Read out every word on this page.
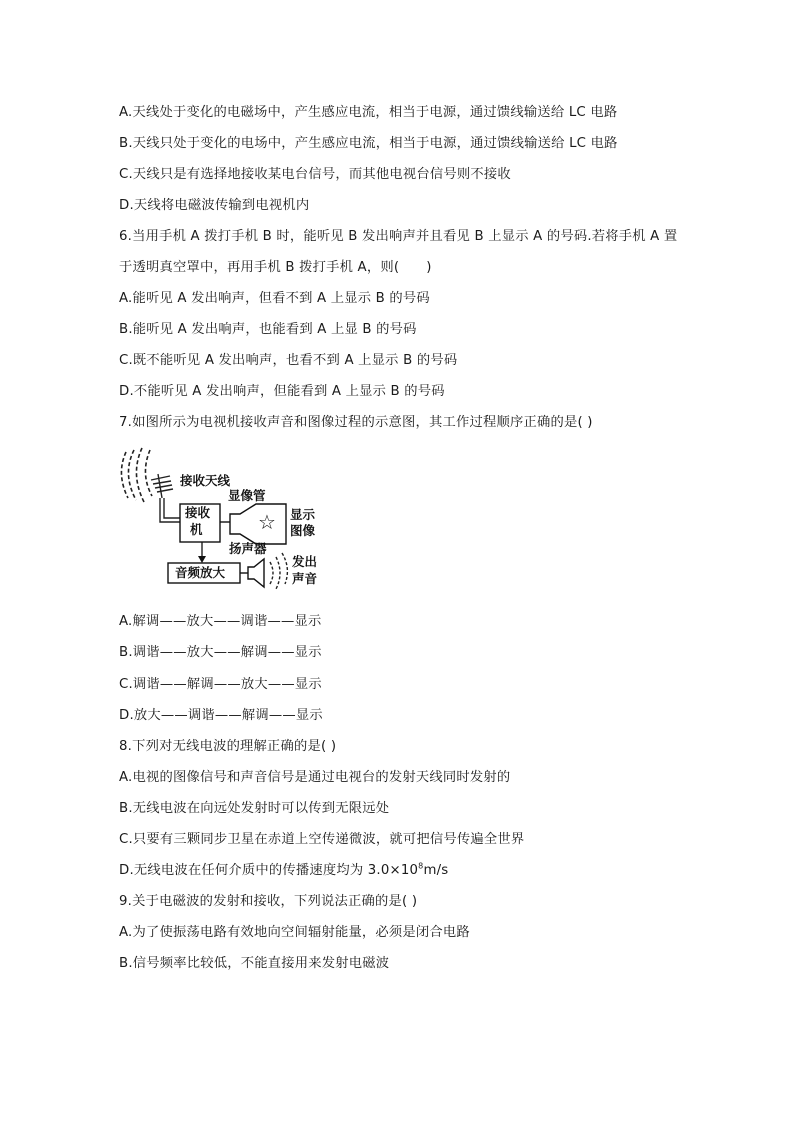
A.天线处于变化的电磁场中，产生感应电流，相当于电源，通过馈线输送给 LC 电路
B.天线只处于变化的电场中，产生感应电流，相当于电源，通过馈线输送给 LC 电路
C.天线只是有选择地接收某电台信号，而其他电视台信号则不接收
D.天线将电磁波传输到电视机内
6.当用手机 A 拨打手机 B 时，能听见 B 发出响声并且看见 B 上显示 A 的号码.若将手机 A 置
于透明真空罩中，再用手机 B 拨打手机 A，则(　　)
A.能听见 A 发出响声，但看不到 A 上显示 B 的号码
B.能听见 A 发出响声，也能看到 A 上显 B 的号码
C.既不能听见 A 发出响声，也看不到 A 上显示 B 的号码
D.不能听见 A 发出响声，但能看到 A 上显示 B 的号码
7.如图所示为电视机接收声音和图像过程的示意图，其工作过程顺序正确的是( )
接收天线
显像管
接收
机	☆ 显示
图像
扬声器
音频放大
发出
声音
A.解调——放大——调谐——显示
B.调谐——放大——解调——显示
C.调谐——解调——放大——显示
D.放大——调谐——解调——显示
8.下列对无线电波的理解正确的是( )
A.电视的图像信号和声音信号是通过电视台的发射天线同时发射的
B.无线电波在向远处发射时可以传到无限远处
C.只要有三颗同步卫星在赤道上空传递微波，就可把信号传遍全世界
D.无线电波在任何介质中的传播速度均为 $3.0\times 10^8m/s$
9.关于电磁波的发射和接收，下列说法正确的是( )
A.为了使振荡电路有效地向空间辐射能量，必须是闭合电路
B.信号频率比较低，不能直接用来发射电磁波
